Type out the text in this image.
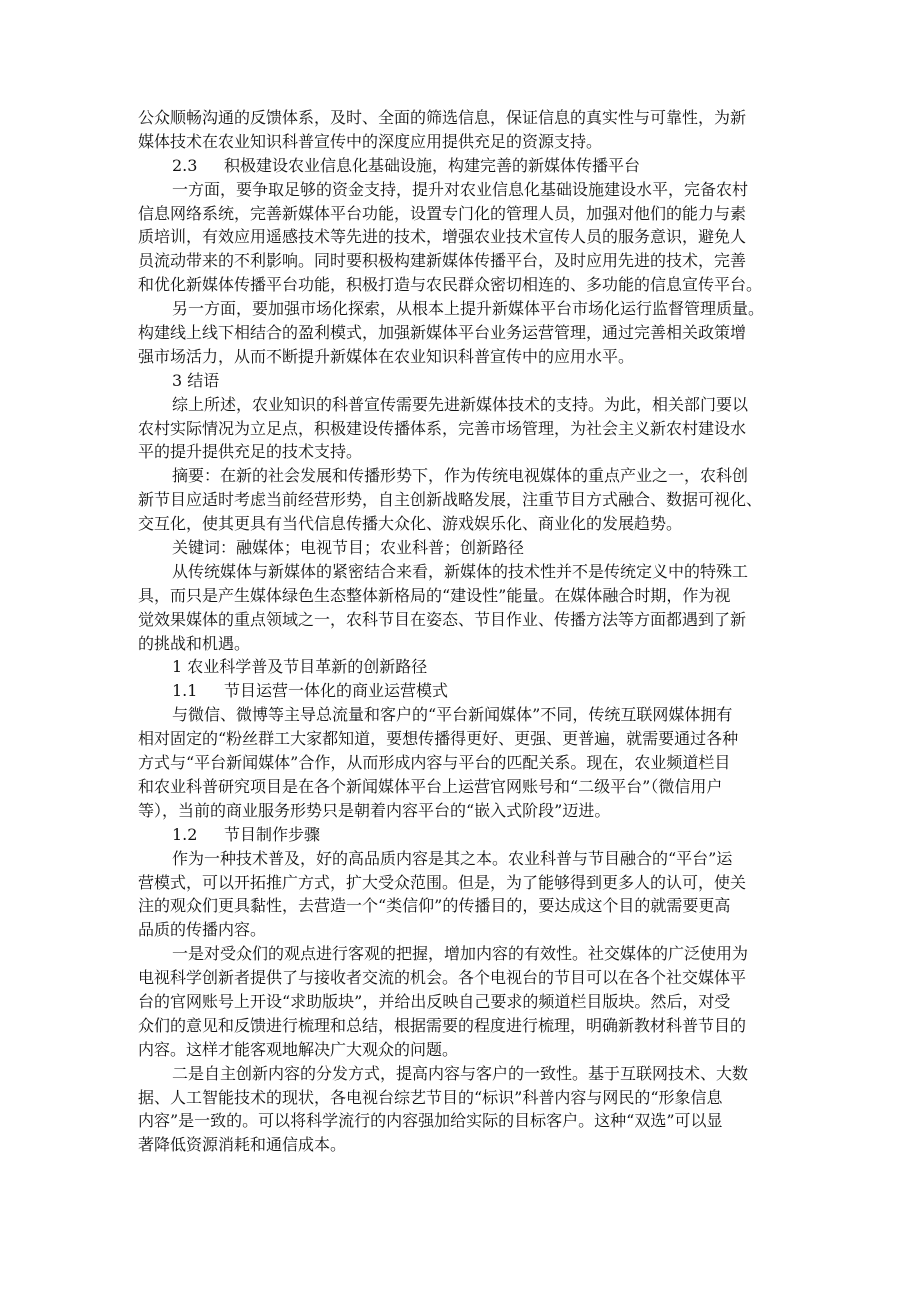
公众顺畅沟通的反馈体系，及时、全面的筛选信息，保证信息的真实性与可靠性，为新
媒体技术在农业知识科普宣传中的深度应用提供充足的资源支持。
2.3 积极建设农业信息化基础设施，构建完善的新媒体传播平台
一方面，要争取足够的资金支持，提升对农业信息化基础设施建设水平，完备农村
信息网络系统，完善新媒体平台功能，设置专门化的管理人员，加强对他们的能力与素
质培训，有效应用遥感技术等先进的技术，增强农业技术宣传人员的服务意识，避免人
员流动带来的不利影响。同时要积极构建新媒体传播平台，及时应用先进的技术，完善
和优化新媒体传播平台功能，积极打造与农民群众密切相连的、多功能的信息宣传平台。
另一方面，要加强市场化探索，从根本上提升新媒体平台市场化运行监督管理质量。
构建线上线下相结合的盈利模式，加强新媒体平台业务运营管理，通过完善相关政策增
强市场活力，从而不断提升新媒体在农业知识科普宣传中的应用水平。
3 结语
综上所述，农业知识的科普宣传需要先进新媒体技术的支持。为此，相关部门要以
农村实际情况为立足点，积极建设传播体系，完善市场管理，为社会主义新农村建设水
平的提升提供充足的技术支持。
摘要：在新的社会发展和传播形势下，作为传统电视媒体的重点产业之一，农科创
新节目应适时考虑当前经营形势，自主创新战略发展，注重节目方式融合、数据可视化、
交互化，使其更具有当代信息传播大众化、游戏娱乐化、商业化的发展趋势。
关键词：融媒体；电视节目；农业科普；创新路径
从传统媒体与新媒体的紧密结合来看，新媒体的技术性并不是传统定义中的特殊工
具，而只是产生媒体绿色生态整体新格局的“建设性”能量。在媒体融合时期，作为视
觉效果媒体的重点领域之一，农科节目在姿态、节目作业、传播方法等方面都遇到了新
的挑战和机遇。
1 农业科学普及节目革新的创新路径
1.1 节目运营一体化的商业运营模式
与微信、微博等主导总流量和客户的“平台新闻媒体”不同，传统互联网媒体拥有
相对固定的“粉丝群工大家都知道，要想传播得更好、更强、更普遍，就需要通过各种
方式与“平台新闻媒体”合作，从而形成内容与平台的匹配关系。现在，农业频道栏目
和农业科普研究项目是在各个新闻媒体平台上运营官网账号和“二级平台”（微信用户
等），当前的商业服务形势只是朝着内容平台的“嵌入式阶段”迈进。
1.2 节目制作步骤
作为一种技术普及，好的高品质内容是其之本。农业科普与节目融合的“平台”运
营模式，可以开拓推广方式，扩大受众范围。但是，为了能够得到更多人的认可，使关
注的观众们更具黏性，去营造一个“类信仰”的传播目的，要达成这个目的就需要更高
品质的传播内容。
一是对受众们的观点进行客观的把握，增加内容的有效性。社交媒体的广泛使用为
电视科学创新者提供了与接收者交流的机会。各个电视台的节目可以在各个社交媒体平
台的官网账号上开设“求助版块”，并给出反映自己要求的频道栏目版块。然后，对受
众们的意见和反馈进行梳理和总结，根据需要的程度进行梳理，明确新教材科普节目的
内容。这样才能客观地解决广大观众的问题。
二是自主创新内容的分发方式，提高内容与客户的一致性。基于互联网技术、大数
据、人工智能技术的现状，各电视台综艺节目的“标识”科普内容与网民的“形象信息
内容”是一致的。可以将科学流行的内容强加给实际的目标客户。这种“双选”可以显
著降低资源消耗和通信成本。
